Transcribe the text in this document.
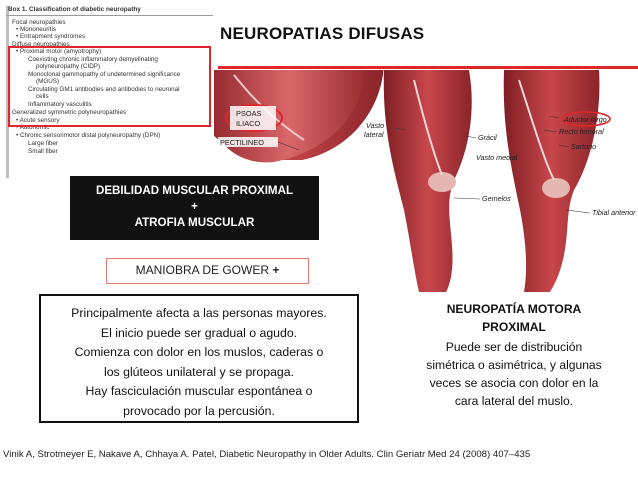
Box 1. Classification of diabetic neuropathy
Focal neuropathies
• Mononeuritis
• Entrapment syndromes
Diffuse neuropathies
• Proximal motor (amyotrophy)
Coexisting chronic inflammatory demyelinating
polyneuropathy (CIDP)
Monoclonal gammopathy of undetermined significance
(MGUS)
Circulating GM1 antibodies and antibodies to neuronal
cells
Inflammatory vasculitis
Generalized symmetric polyneuropathies
• Acute sensory
• Autonomic
• Chronic sensorimotor distal polyneuropathy (DPN)
Large fiber
Small fiber
NEUROPATIAS DIFUSAS
PSOAS
ILIACO
PECTILINEO
Vasto
lateral	Grácil
Vasto medial
Gemelos
Aductor largo
Recto femoral
Sartorio
Tibial anterior
DEBILIDAD MUSCULAR PROXIMAL
+
ATROFIA MUSCULAR
MANIOBRA DE GOWER +
Principalmente afecta a las personas mayores.
El inicio puede ser gradual o agudo.
Comienza con dolor en los muslos, caderas o
los glúteos unilateral y se propaga.
Hay fasciculación muscular espontánea o
provocado por la percusión.
NEUROPATÍA MOTORA
PROXIMAL
Puede ser de distribución
simétrica o asimétrica, y algunas
veces se asocia con dolor en la
cara lateral del muslo.
Vinik A, Strotmeyer E, Nakave A, Chhaya A. Patel, Diabetic Neuropathy in Older Adults. Clin Geriatr Med 24 (2008) 407–435
